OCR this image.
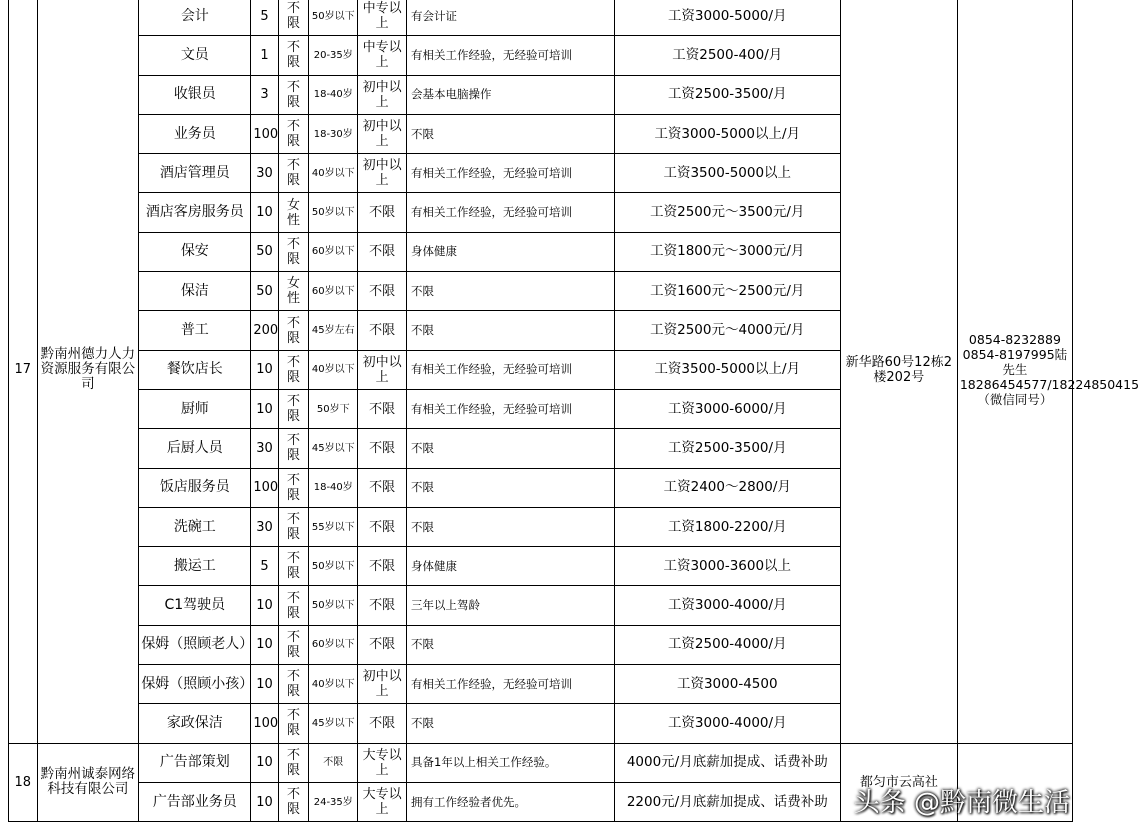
17	黔南州德力人力资源服务有限公司	会计	5	不限	50岁以下	中专以上	有会计证	工资3000-5000/月	新华路60号12栋2楼202号	0854-8232889 0854-8197995陆先生 18286454577/18224850415（微信同号）
		文员	1	不限	20-35岁	中专以上	有相关工作经验，无经验可培训	工资2500-400/月		
		收银员	3	不限	18-40岁	初中以上	会基本电脑操作	工资2500-3500/月		
		业务员	100	不限	18-30岁	初中以上	不限	工资3000-5000以上/月		
		酒店管理员	30	不限	40岁以下	初中以上	有相关工作经验，无经验可培训	工资3500-5000以上		
		酒店客房服务员	10	女性	50岁以下	不限	有相关工作经验，无经验可培训	工资2500元～3500元/月		
		保安	50	不限	60岁以下	不限	身体健康	工资1800元～3000元/月		
		保洁	50	女性	60岁以下	不限	不限	工资1600元～2500元/月		
		普工	200	不限	45岁左右	不限	不限	工资2500元～4000元/月		
		餐饮店长	10	不限	40岁以下	初中以上	有相关工作经验，无经验可培训	工资3500-5000以上/月		
		厨师	10	不限	50岁下	不限	有相关工作经验，无经验可培训	工资3000-6000/月		
		后厨人员	30	不限	45岁以下	不限	不限	工资2500-3500/月		
		饭店服务员	100	不限	18-40岁	不限	不限	工资2400～2800/月		
		洗碗工	30	不限	55岁以下	不限	不限	工资1800-2200/月		
		搬运工	5	不限	50岁以下	不限	身体健康	工资3000-3600以上		
		C1驾驶员	10	不限	50岁以下	不限	三年以上驾龄	工资3000-4000/月		
		保姆（照顾老人）	10	不限	60岁以下	不限	不限	工资2500-4000/月		
		保姆（照顾小孩）	10	不限	40岁以下	初中以上	有相关工作经验，无经验可培训	工资3000-4500		
		家政保洁	100	不限	45岁以下	不限	不限	工资3000-4000/月		
18	黔南州诚泰网络科技有限公司	广告部策划	10	不限	不限	大专以上	具备1年以上相关工作经验。	4000元/月底薪加提成、话费补助	都匀市云高社	
		广告部业务员	10	不限	24-35岁	大专以上	拥有工作经验者优先。	2200元/月底薪加提成、话费补助		头条 @黔南微生活
